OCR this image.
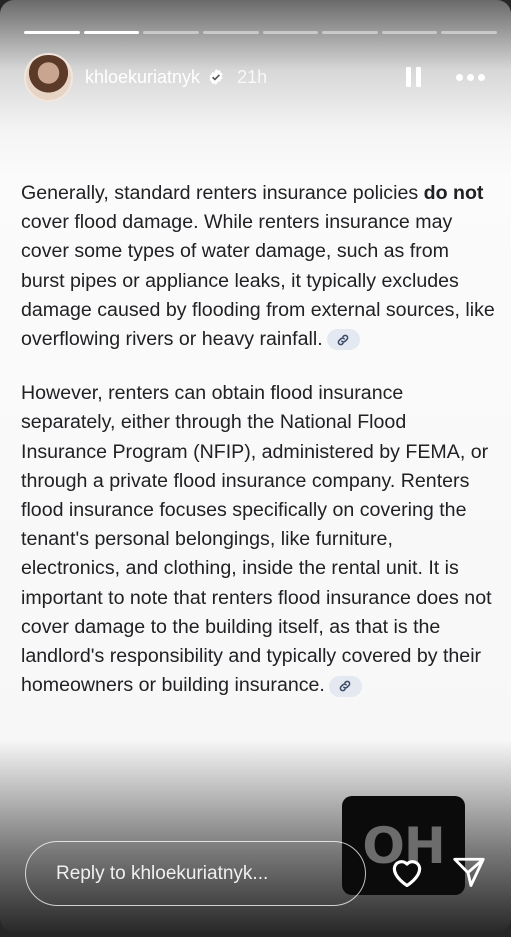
khloekuriatnyk 21h

Generally, standard renters insurance policies do not cover flood damage. While renters insurance may cover some types of water damage, such as from burst pipes or appliance leaks, it typically excludes damage caused by flooding from external sources, like overflowing rivers or heavy rainfall.

However, renters can obtain flood insurance separately, either through the National Flood Insurance Program (NFIP), administered by FEMA, or through a private flood insurance company. Renters flood insurance focuses specifically on covering the tenant's personal belongings, like furniture, electronics, and clothing, inside the rental unit. It is important to note that renters flood insurance does not cover damage to the building itself, as that is the landlord's responsibility and typically covered by their homeowners or building insurance.

OH
Reply to khloekuriatnyk...
